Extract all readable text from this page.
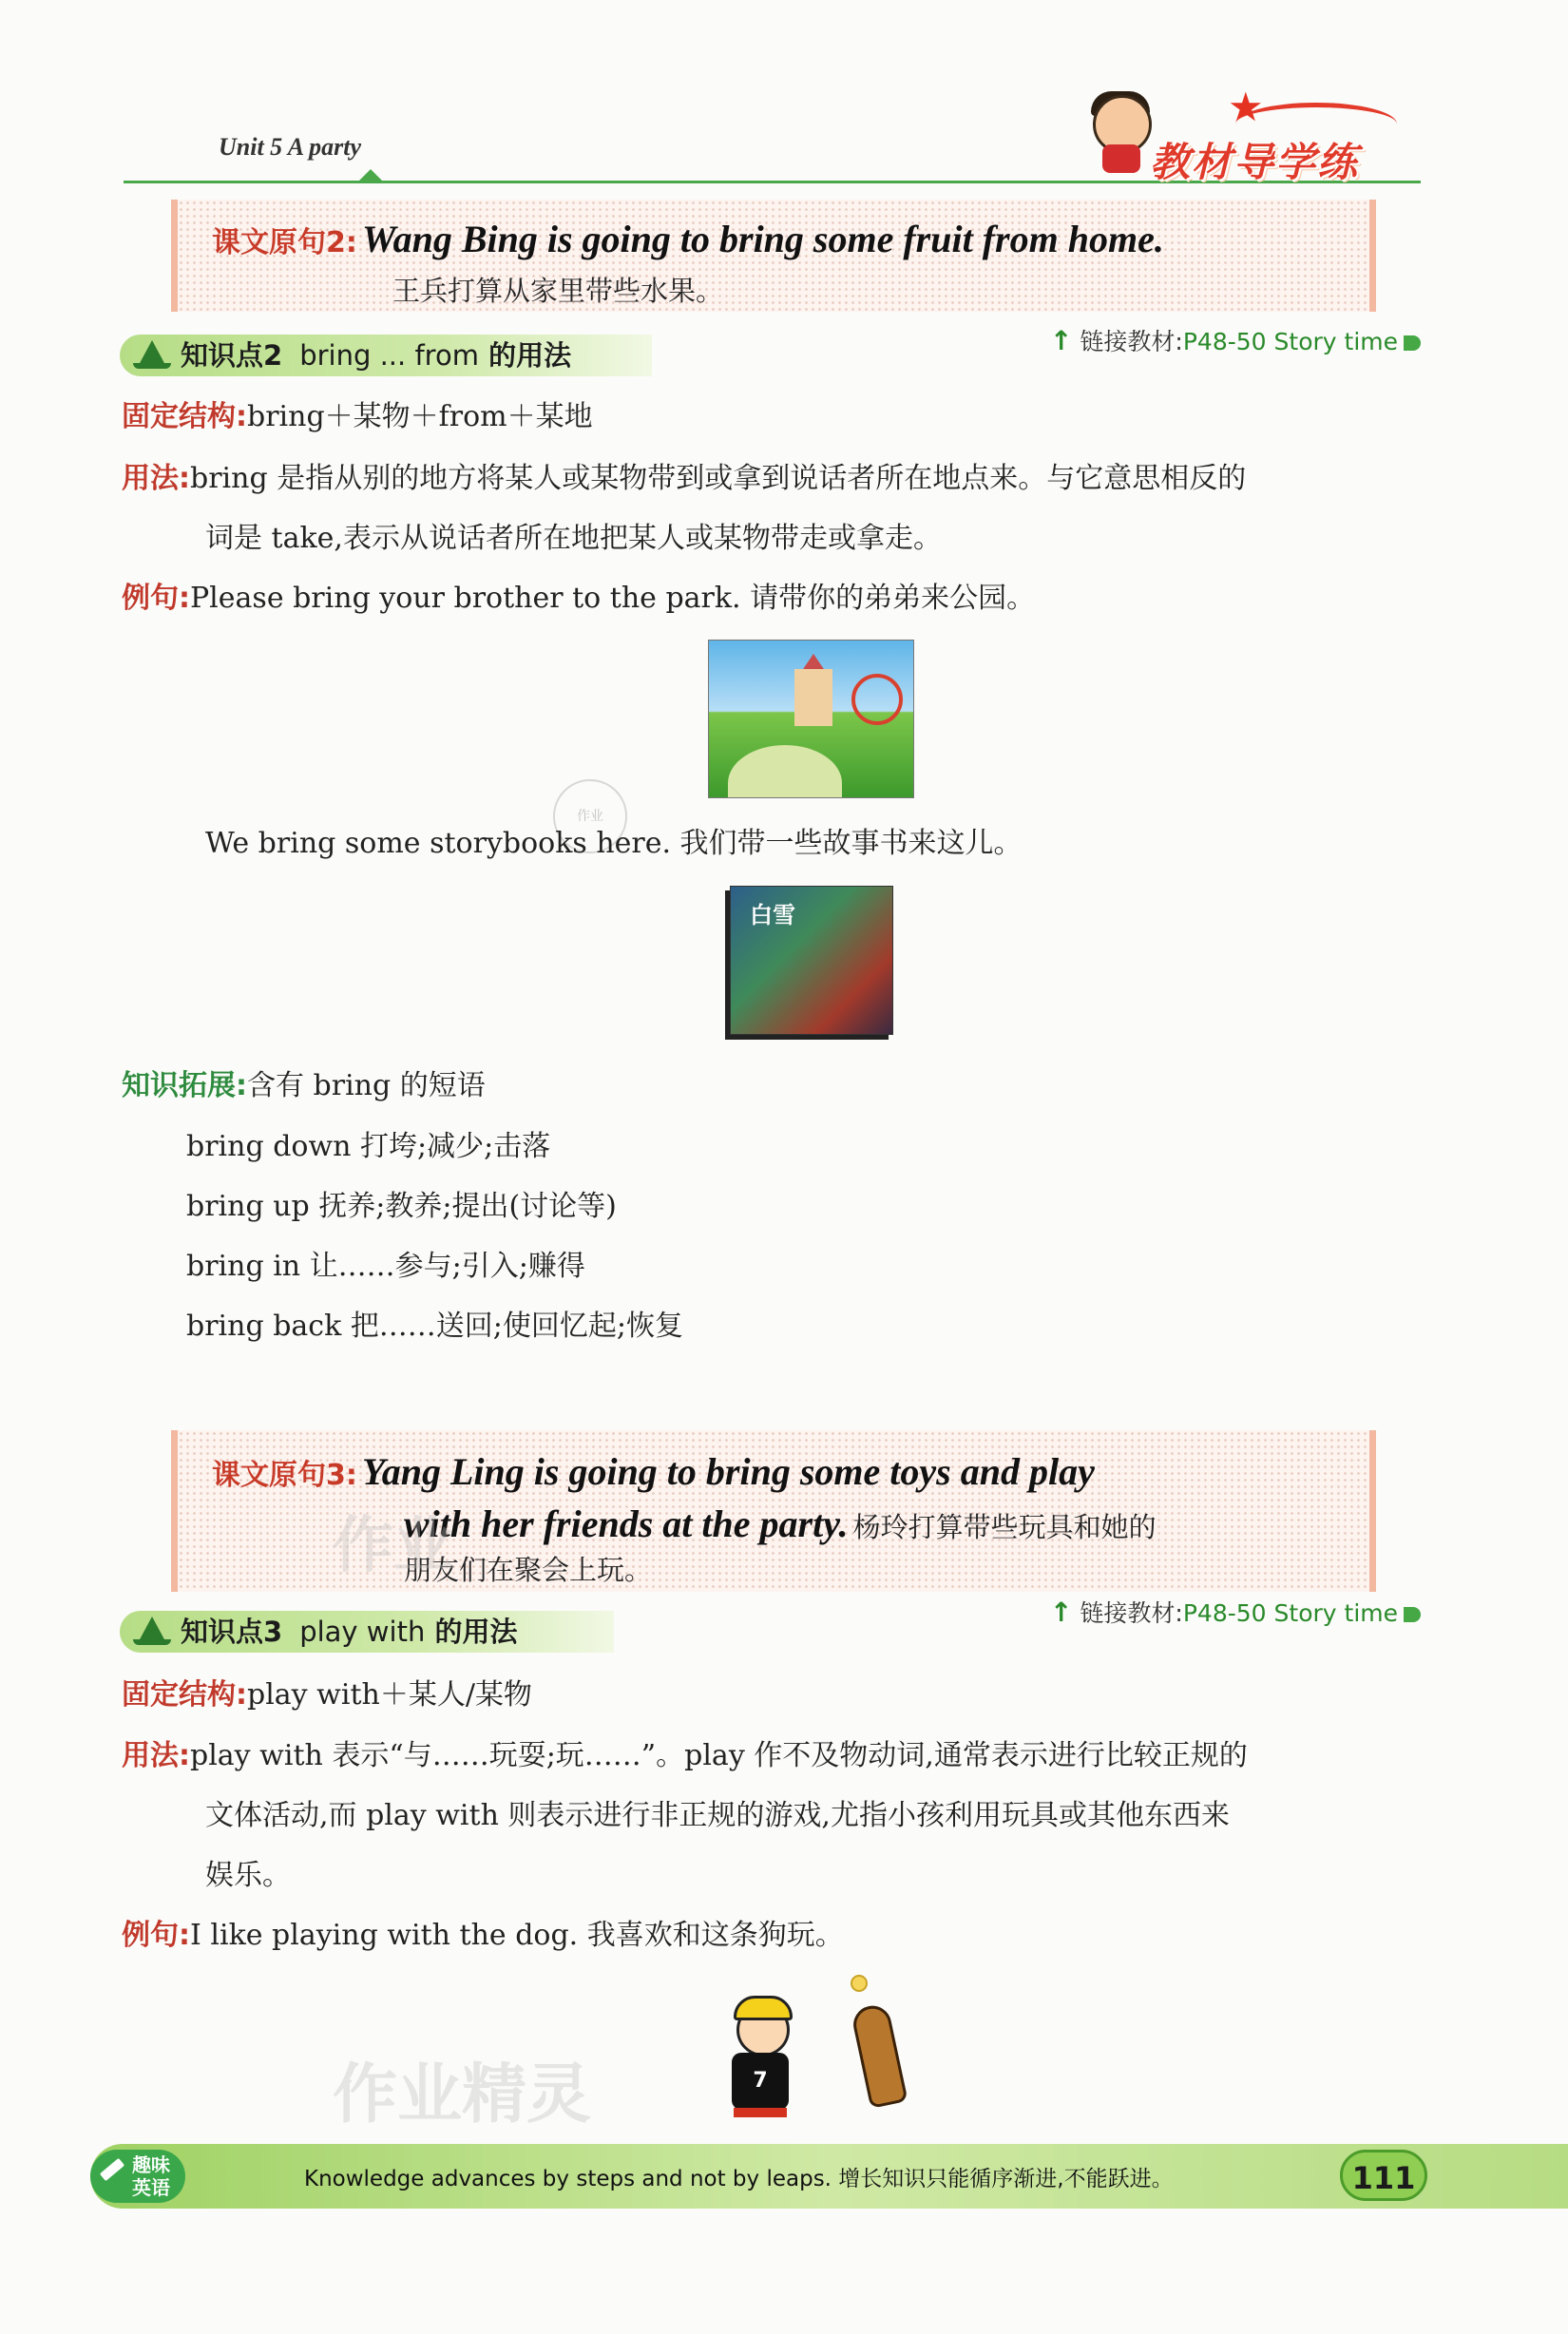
Unit 5 A party
★
教材导学练
课文原句2: Wang Bing is going to bring some fruit from home.
王兵打算从家里带些水果。
知识点2 bring ... from 的用法	↑ 链接教材:P48-50 Story time
固定结构:bring＋某物＋from＋某地
用法:bring 是指从别的地方将某人或某物带到或拿到说话者所在地点来。与它意思相反的
词是 take,表示从说话者所在地把某人或某物带走或拿走。
例句:Please bring your brother to the park. 请带你的弟弟来公园。
作业
We bring some storybooks here. 我们带一些故事书来这儿。
白雪
知识拓展:含有 bring 的短语
bring down 打垮;减少;击落
bring up 抚养;教养;提出(讨论等)
bring in 让……参与;引入;赚得
bring back 把……送回;使回忆起;恢复
课文原句3: Yang Ling is going to bring some toys and play
with her friends at the party. 杨玲打算带些玩具和她的
朋友们在聚会上玩。
作业
知识点3 play with 的用法
↑ 链接教材:P48-50 Story time
固定结构:play with＋某人/某物
用法:play with 表示“与……玩耍;玩……”。play 作不及物动词,通常表示进行比较正规的
文体活动,而 play with 则表示进行非正规的游戏,尤指小孩利用玩具或其他东西来
娱乐。
例句:I like playing with the dog. 我喜欢和这条狗玩。
7
作业精灵
趣味英语	Knowledge advances by steps and not by leaps. 增长知识只能循序渐进,不能跃进。	111
